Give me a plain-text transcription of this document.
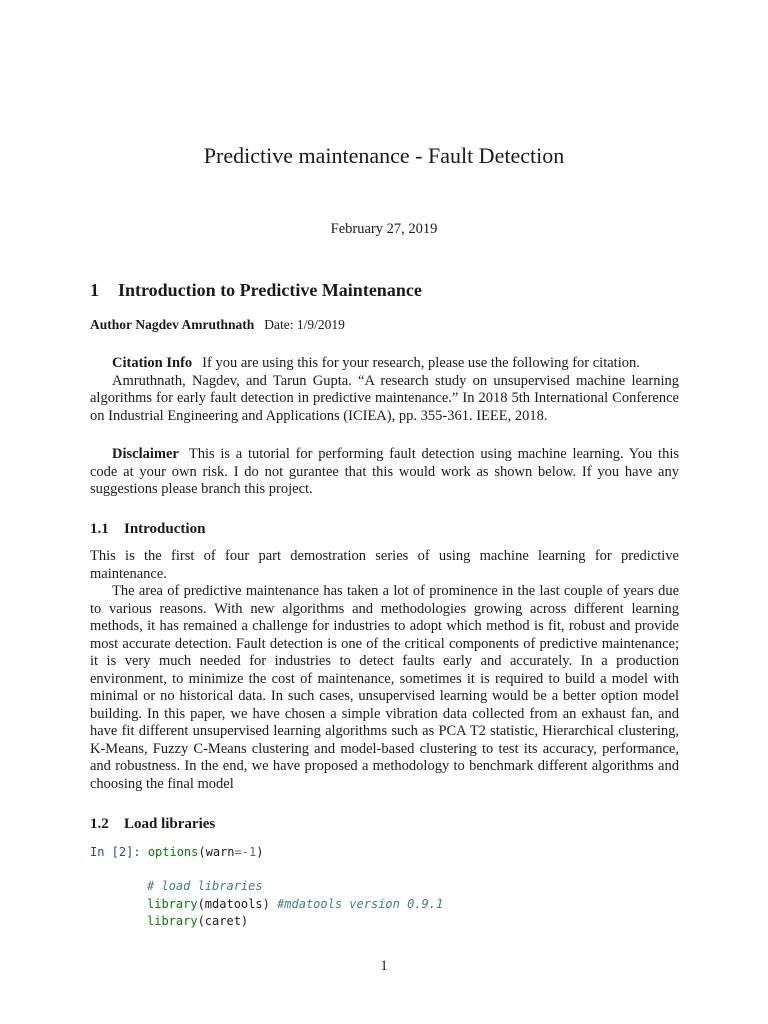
Predictive maintenance - Fault Detection
February 27, 2019
1 Introduction to Predictive Maintenance
Author Nagdev Amruthnath Date: 1/9/2019

Citation Info If you are using this for your research, please use the following for citation.

Amruthnath, Nagdev, and Tarun Gupta. “A research study on unsupervised machine learning algorithms for early fault detection in predictive maintenance.” In 2018 5th International Conference on Industrial Engineering and Applications (ICIEA), pp. 355-361. IEEE, 2018.

Disclaimer This is a tutorial for performing fault detection using machine learning. You this code at your own risk. I do not gurantee that this would work as shown below. If you have any suggestions please branch this project.

1.1 Introduction

This is the first of four part demostration series of using machine learning for predictive maintenance.

The area of predictive maintenance has taken a lot of prominence in the last couple of years due to various reasons. With new algorithms and methodologies growing across different learning methods, it has remained a challenge for industries to adopt which method is fit, robust and provide most accurate detection. Fault detection is one of the critical components of predictive maintenance; it is very much needed for industries to detect faults early and accurately. In a production environment, to minimize the cost of maintenance, sometimes it is required to build a model with minimal or no historical data. In such cases, unsupervised learning would be a better option model building. In this paper, we have chosen a simple vibration data collected from an exhaust fan, and have fit different unsupervised learning algorithms such as PCA T2 statistic, Hierarchical clustering, K-Means, Fuzzy C-Means clustering and model-based clustering to test its accuracy, performance, and robustness. In the end, we have proposed a methodology to benchmark different algorithms and choosing the final model

1.2 Load libraries
In [2]: options(warn=-1)

# load libraries
library(mdatools) #mdatools version 0.9.1
library(caret)
1
